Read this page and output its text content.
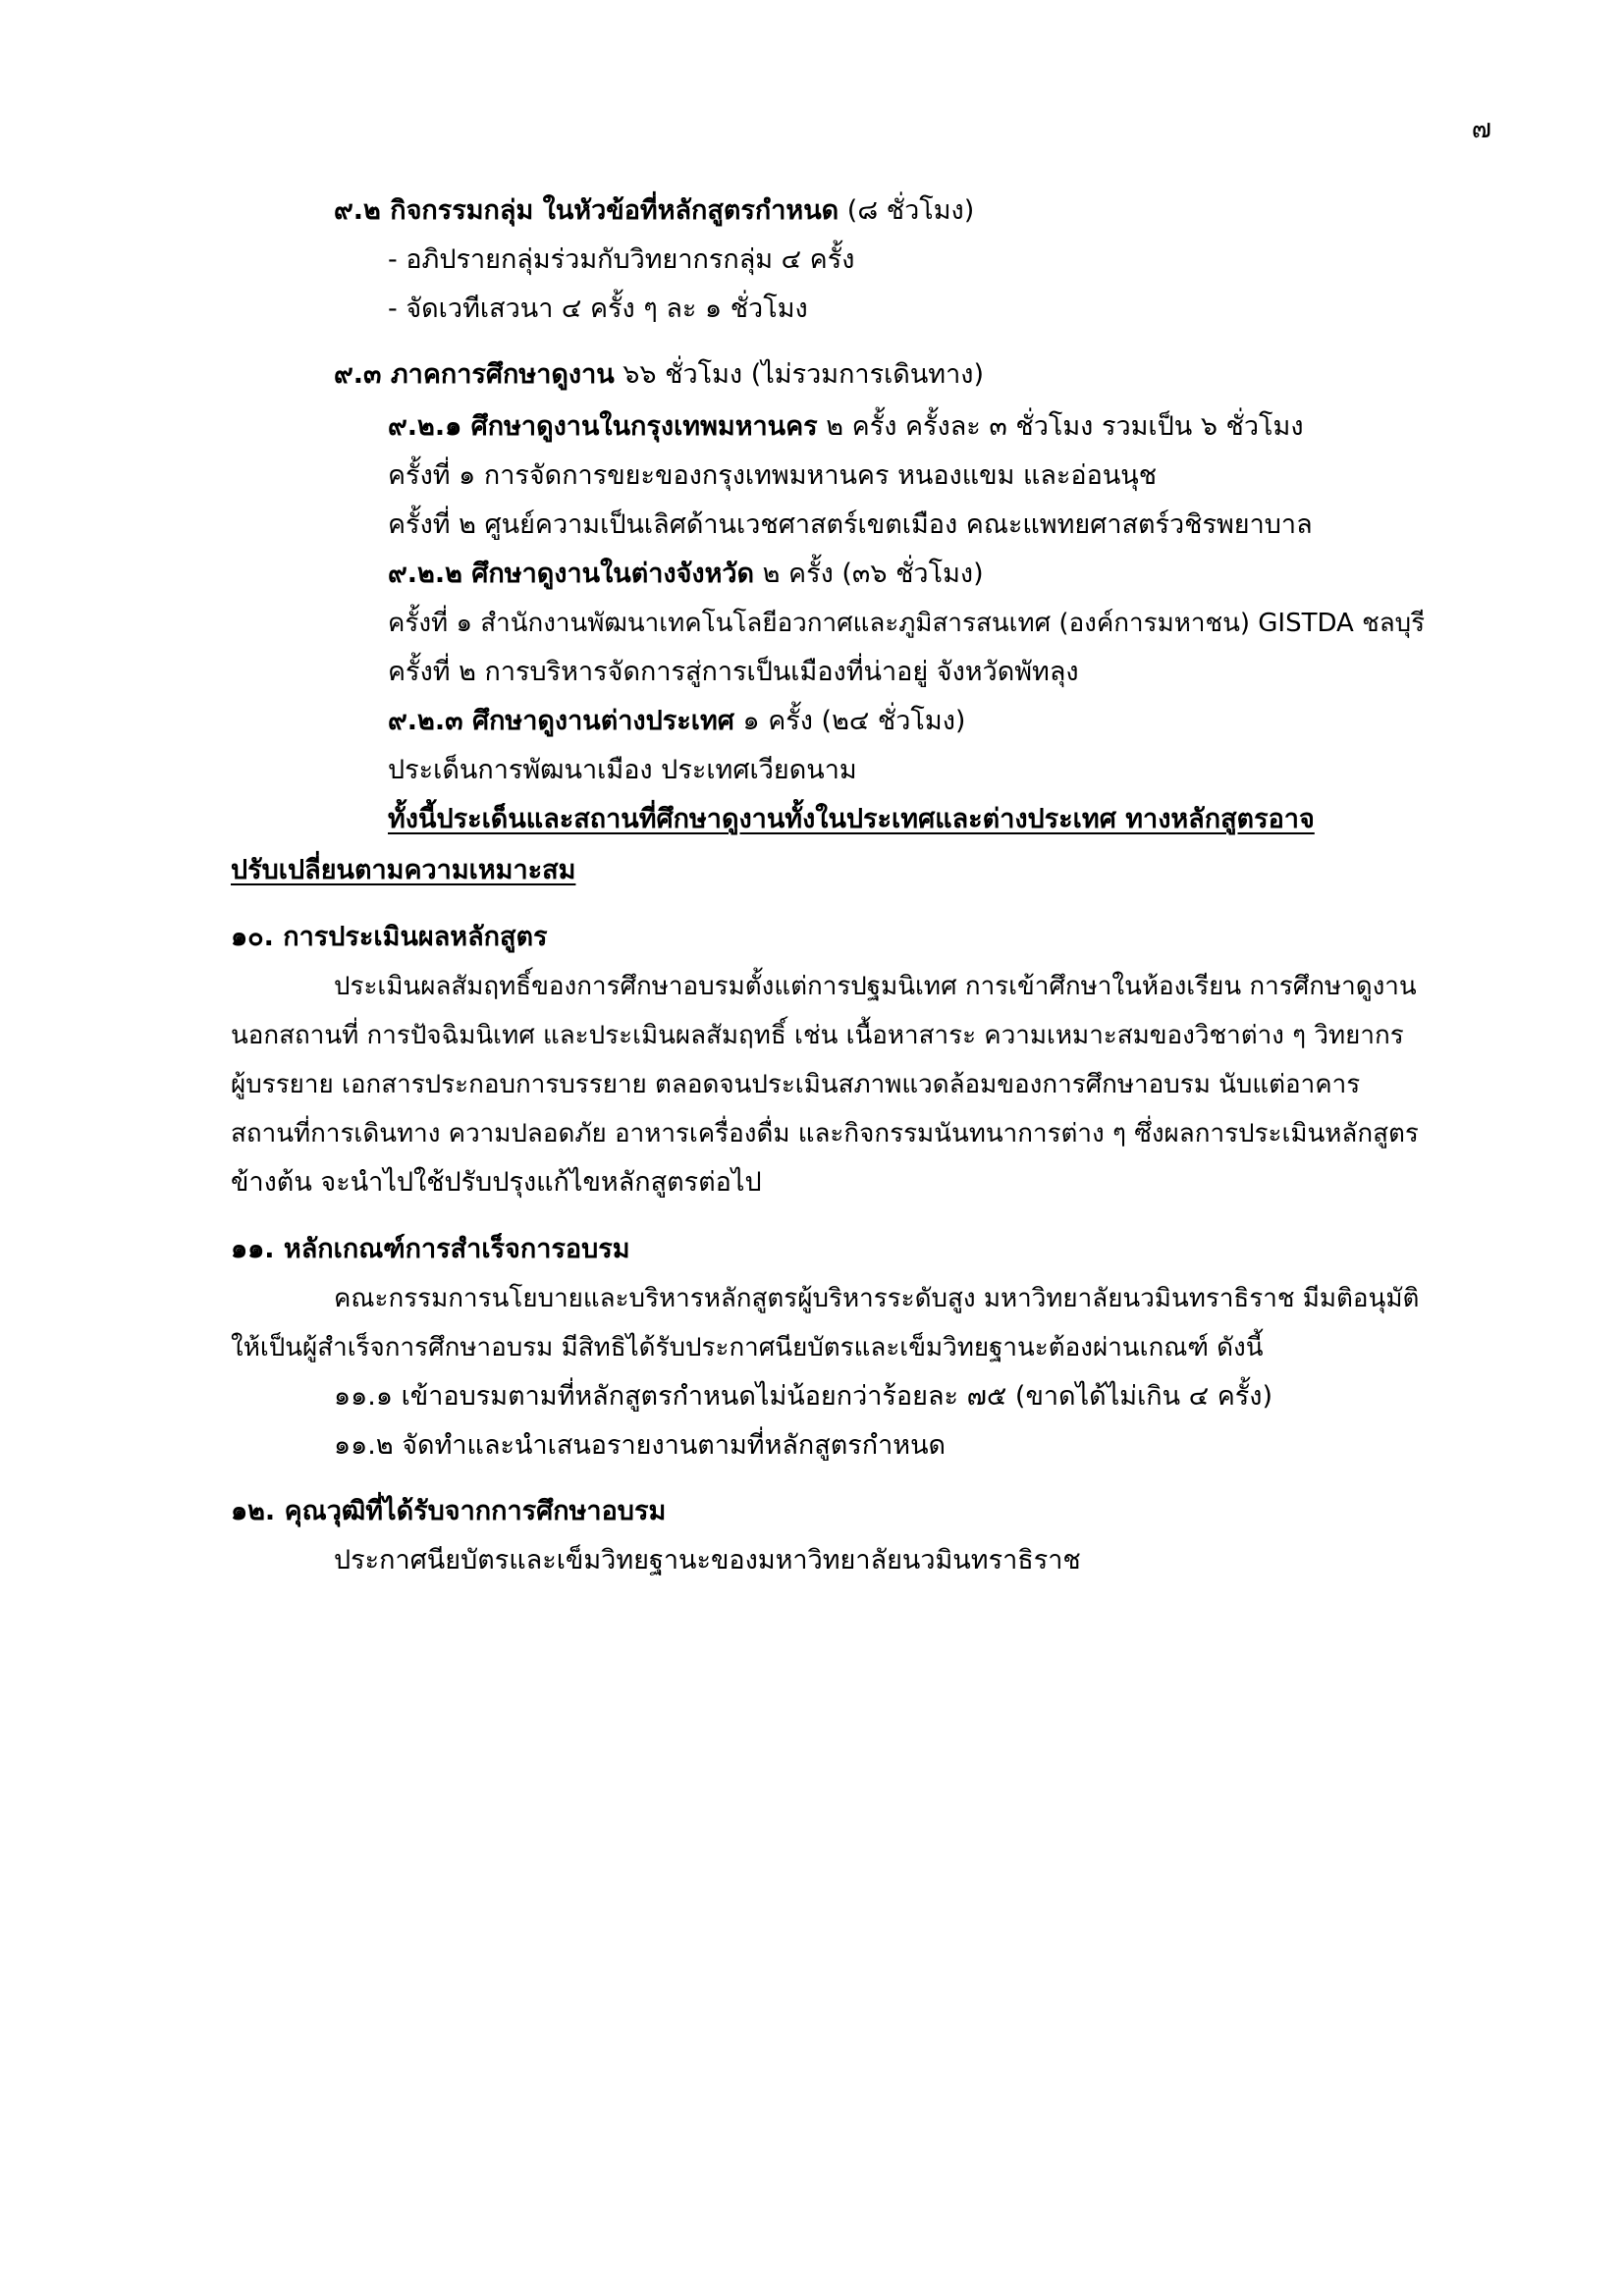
๗
๙.๒ กิจกรรมกลุ่ม ในหัวข้อที่หลักสูตรกำหนด (๘ ชั่วโมง)
- อภิปรายกลุ่มร่วมกับวิทยากรกลุ่ม ๔ ครั้ง
- จัดเวทีเสวนา ๔ ครั้ง ๆ ละ ๑ ชั่วโมง
๙.๓ ภาคการศึกษาดูงาน ๖๖ ชั่วโมง (ไม่รวมการเดินทาง)
๙.๒.๑ ศึกษาดูงานในกรุงเทพมหานคร ๒ ครั้ง ครั้งละ ๓ ชั่วโมง รวมเป็น ๖ ชั่วโมง
ครั้งที่ ๑ การจัดการขยะของกรุงเทพมหานคร หนองแขม และอ่อนนุช
ครั้งที่ ๒ ศูนย์ความเป็นเลิศด้านเวชศาสตร์เขตเมือง คณะแพทยศาสตร์วชิรพยาบาล
๙.๒.๒ ศึกษาดูงานในต่างจังหวัด ๒ ครั้ง (๓๖ ชั่วโมง)
ครั้งที่ ๑ สำนักงานพัฒนาเทคโนโลยีอวกาศและภูมิสารสนเทศ (องค์การมหาชน) GISTDA ชลบุรี
ครั้งที่ ๒ การบริหารจัดการสู่การเป็นเมืองที่น่าอยู่ จังหวัดพัทลุง
๙.๒.๓ ศึกษาดูงานต่างประเทศ ๑ ครั้ง (๒๔ ชั่วโมง)
ประเด็นการพัฒนาเมือง ประเทศเวียดนาม
ทั้งนี้ประเด็นและสถานที่ศึกษาดูงานทั้งในประเทศและต่างประเทศ ทางหลักสูตรอาจ
ปรับเปลี่ยนตามความเหมาะสม
๑๐. การประเมินผลหลักสูตร
ประเมินผลสัมฤทธิ์ของการศึกษาอบรมตั้งแต่การปฐมนิเทศ การเข้าศึกษาในห้องเรียน การศึกษาดูงาน
นอกสถานที่ การปัจฉิมนิเทศ และประเมินผลสัมฤทธิ์ เช่น เนื้อหาสาระ ความเหมาะสมของวิชาต่าง ๆ วิทยากร
ผู้บรรยาย เอกสารประกอบการบรรยาย ตลอดจนประเมินสภาพแวดล้อมของการศึกษาอบรม นับแต่อาคาร
สถานที่การเดินทาง ความปลอดภัย อาหารเครื่องดื่ม และกิจกรรมนันทนาการต่าง ๆ ซึ่งผลการประเมินหลักสูตร
ข้างต้น จะนำไปใช้ปรับปรุงแก้ไขหลักสูตรต่อไป
๑๑. หลักเกณฑ์การสำเร็จการอบรม
คณะกรรมการนโยบายและบริหารหลักสูตรผู้บริหารระดับสูง มหาวิทยาลัยนวมินทราธิราช มีมติอนุมัติ
ให้เป็นผู้สำเร็จการศึกษาอบรม มีสิทธิได้รับประกาศนียบัตรและเข็มวิทยฐานะต้องผ่านเกณฑ์ ดังนี้
๑๑.๑ เข้าอบรมตามที่หลักสูตรกำหนดไม่น้อยกว่าร้อยละ ๗๕ (ขาดได้ไม่เกิน ๔ ครั้ง)
๑๑.๒ จัดทำและนำเสนอรายงานตามที่หลักสูตรกำหนด
๑๒. คุณวุฒิที่ได้รับจากการศึกษาอบรม
ประกาศนียบัตรและเข็มวิทยฐานะของมหาวิทยาลัยนวมินทราธิราช
